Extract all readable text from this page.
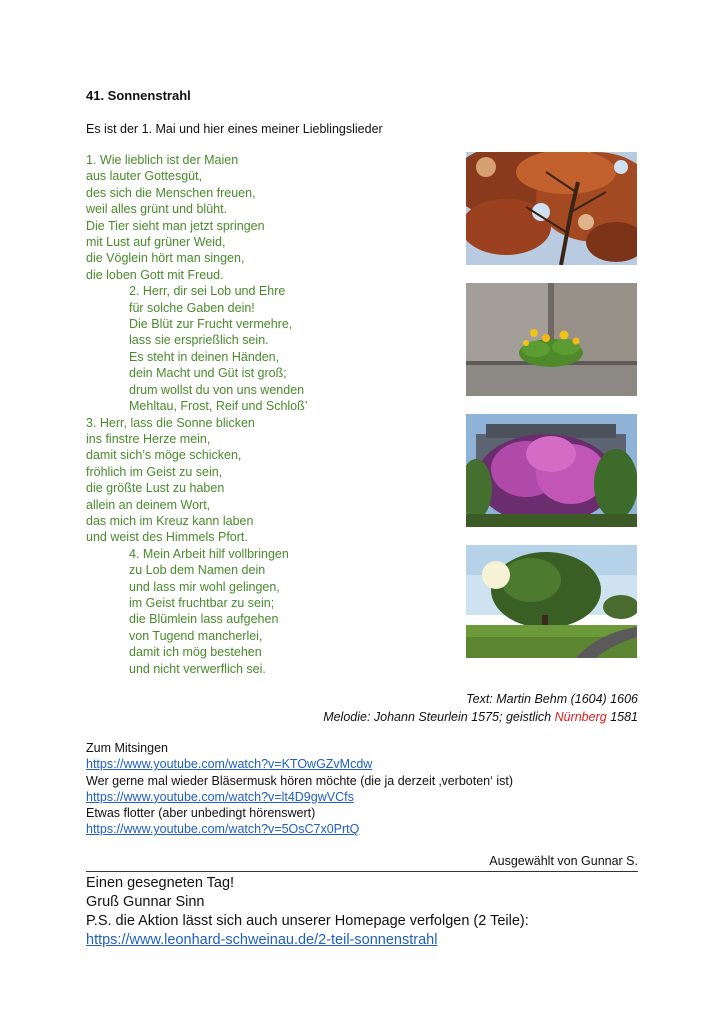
41. Sonnenstrahl
Es ist der 1. Mai und hier eines meiner Lieblingslieder
1. Wie lieblich ist der Maien
aus lauter Gottesgüt,
des sich die Menschen freuen,
weil alles grünt und blüht.
Die Tier sieht man jetzt springen
mit Lust auf grüner Weid,
die Vöglein hört man singen,
die loben Gott mit Freud.
2. Herr, dir sei Lob und Ehre
für solche Gaben dein!
Die Blüt zur Frucht vermehre,
lass sie ersprießlich sein.
Es steht in deinen Händen,
dein Macht und Güt ist groß;
drum wollst du von uns wenden
Mehltau, Frost, Reif und Schloß’
3. Herr, lass die Sonne blicken
ins finstre Herze mein,
damit sich’s möge schicken,
fröhlich im Geist zu sein,
die größte Lust zu haben
allein an deinem Wort,
das mich im Kreuz kann laben
und weist des Himmels Pfort.
4. Mein Arbeit hilf vollbringen
zu Lob dem Namen dein
und lass mir wohl gelingen,
im Geist fruchtbar zu sein;
die Blümlein lass aufgehen
von Tugend mancherlei,
damit ich mög bestehen
und nicht verwerflich sei.
Text: Martin Behm (1604) 1606
Melodie: Johann Steurlein 1575; geistlich Nürnberg 1581
Zum Mitsingen
https://www.youtube.com/watch?v=KTOwGZvMcdw
Wer gerne mal wieder Bläsermusk hören möchte (die ja derzeit ‚verboten‘ ist)
https://www.youtube.com/watch?v=lt4D9gwVCfs
Etwas flotter (aber unbedingt hörenswert)
https://www.youtube.com/watch?v=5OsC7x0PrtQ
Ausgewählt von Gunnar S.
Einen gesegneten Tag!
Gruß Gunnar Sinn
P.S. die Aktion lässt sich auch unserer Homepage verfolgen (2 Teile):
https://www.leonhard-schweinau.de/2-teil-sonnenstrahl
